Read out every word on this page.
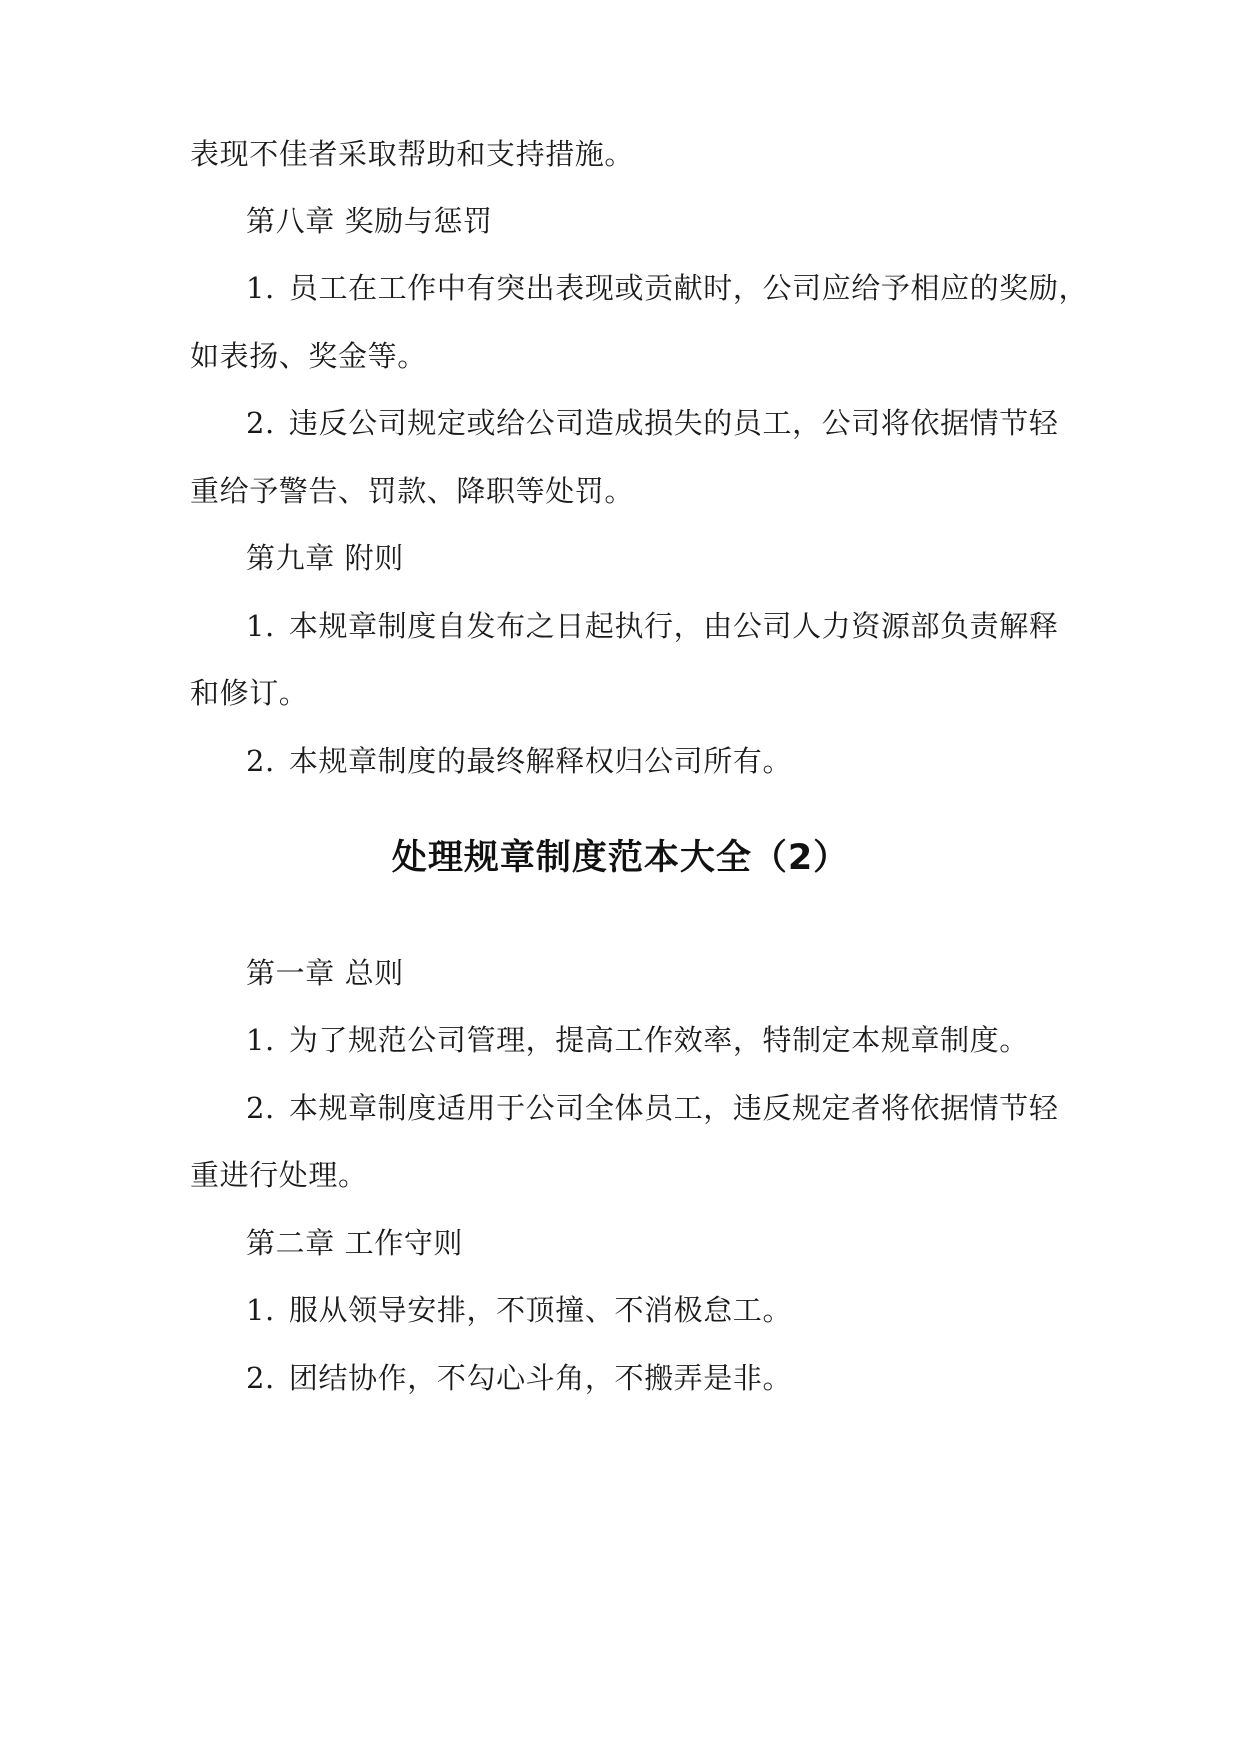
表现不佳者采取帮助和支持措施。
第八章 奖励与惩罚
1. 员工在工作中有突出表现或贡献时，公司应给予相应的奖励，
如表扬、奖金等。
2. 违反公司规定或给公司造成损失的员工，公司将依据情节轻
重给予警告、罚款、降职等处罚。
第九章 附则
1. 本规章制度自发布之日起执行，由公司人力资源部负责解释
和修订。
2. 本规章制度的最终解释权归公司所有。
处理规章制度范本大全（2）
第一章 总则
1. 为了规范公司管理，提高工作效率，特制定本规章制度。
2. 本规章制度适用于公司全体员工，违反规定者将依据情节轻
重进行处理。
第二章 工作守则
1. 服从领导安排，不顶撞、不消极怠工。
2. 团结协作，不勾心斗角，不搬弄是非。
